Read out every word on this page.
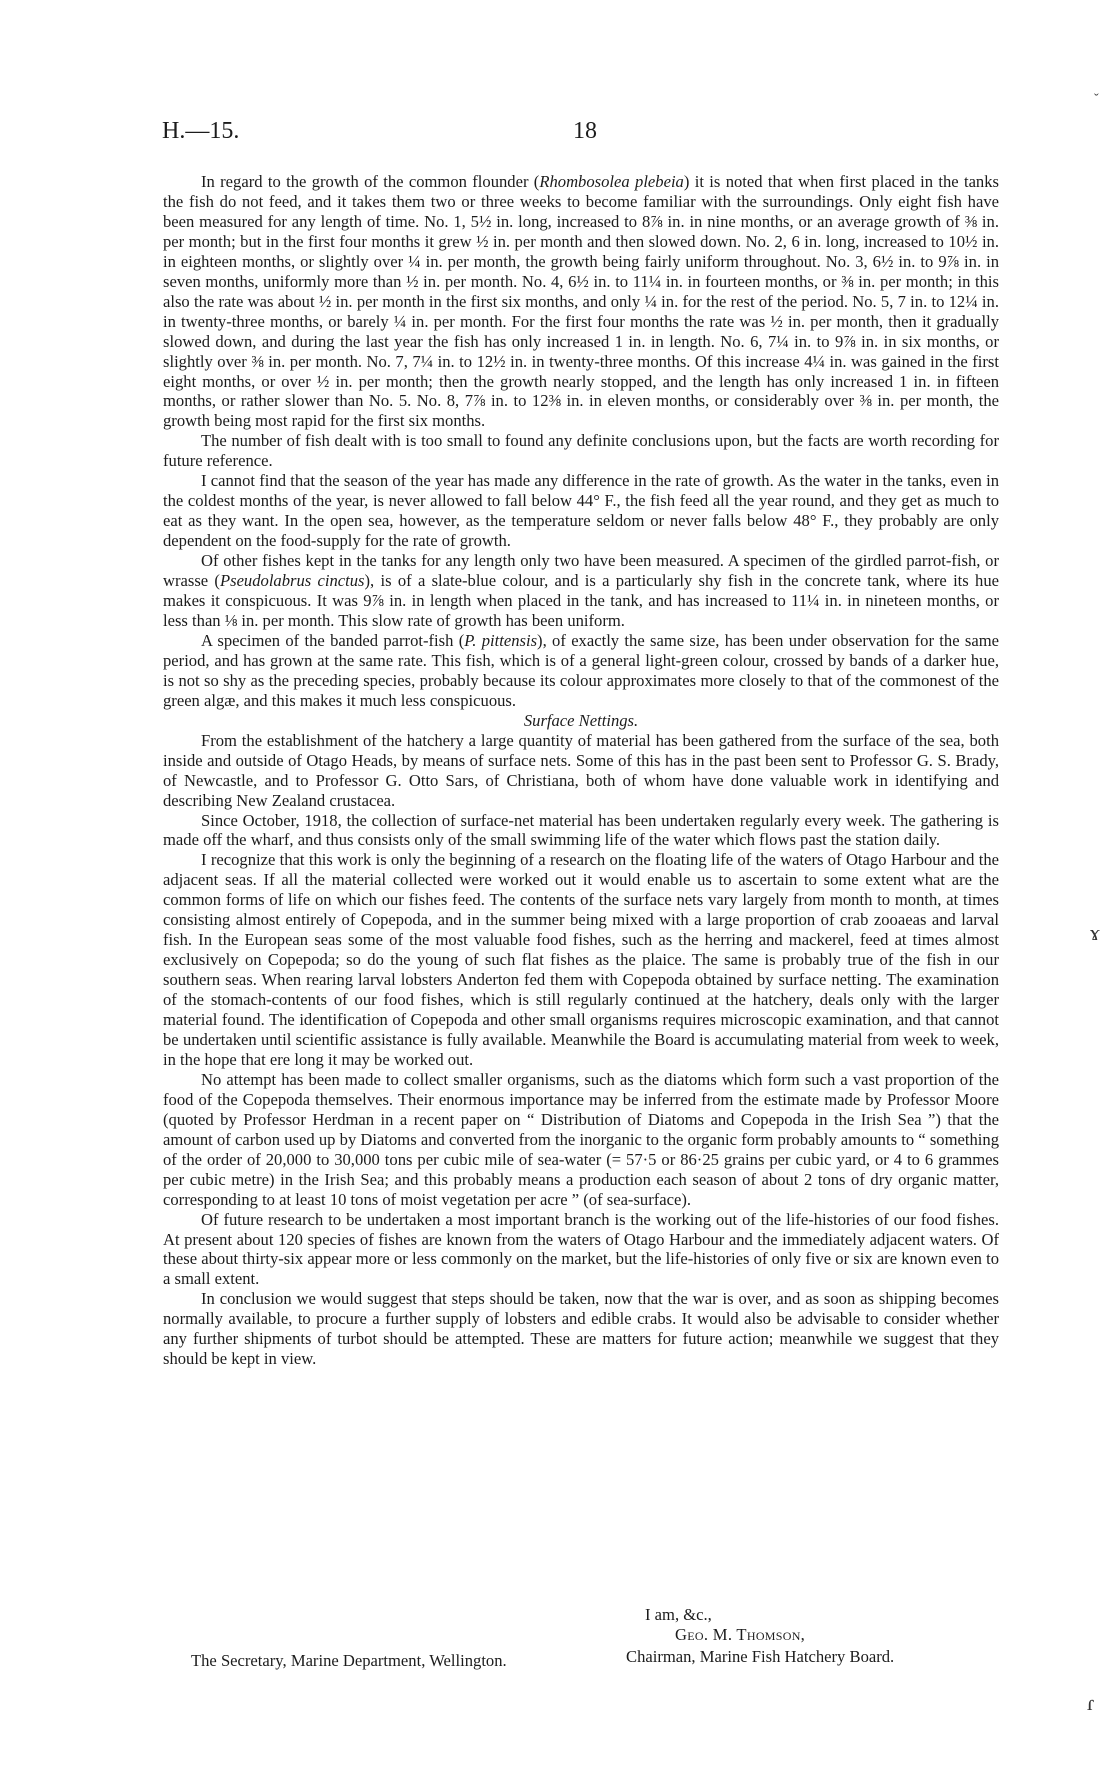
H.—15.	18

In regard to the growth of the common flounder (Rhombosolea plebeia) it is noted that when first placed in the tanks the fish do not feed, and it takes them two or three weeks to become familiar with the surroundings. Only eight fish have been measured for any length of time. No. 1, 5½ in. long, increased to 8⅞ in. in nine months, or an average growth of ⅜ in. per month; but in the first four months it grew ½ in. per month and then slowed down. No. 2, 6 in. long, increased to 10½ in. in eighteen months, or slightly over ¼ in. per month, the growth being fairly uniform throughout. No. 3, 6½ in. to 9⅞ in. in seven months, uniformly more than ½ in. per month. No. 4, 6½ in. to 11¼ in. in fourteen months, or ⅜ in. per month; in this also the rate was about ½ in. per month in the first six months, and only ¼ in. for the rest of the period. No. 5, 7 in. to 12¼ in. in twenty-three months, or barely ¼ in. per month. For the first four months the rate was ½ in. per month, then it gradually slowed down, and during the last year the fish has only increased 1 in. in length. No. 6, 7¼ in. to 9⅞ in. in six months, or slightly over ⅜ in. per month. No. 7, 7¼ in. to 12½ in. in twenty-three months. Of this increase 4¼ in. was gained in the first eight months, or over ½ in. per month; then the growth nearly stopped, and the length has only increased 1 in. in fifteen months, or rather slower than No. 5. No. 8, 7⅞ in. to 12⅜ in. in eleven months, or considerably over ⅜ in. per month, the growth being most rapid for the first six months.

The number of fish dealt with is too small to found any definite conclusions upon, but the facts are worth recording for future reference.

I cannot find that the season of the year has made any difference in the rate of growth. As the water in the tanks, even in the coldest months of the year, is never allowed to fall below 44° F., the fish feed all the year round, and they get as much to eat as they want. In the open sea, however, as the temperature seldom or never falls below 48° F., they probably are only dependent on the food-supply for the rate of growth.

Of other fishes kept in the tanks for any length only two have been measured. A specimen of the girdled parrot-fish, or wrasse (Pseudolabrus cinctus), is of a slate-blue colour, and is a particularly shy fish in the concrete tank, where its hue makes it conspicuous. It was 9⅞ in. in length when placed in the tank, and has increased to 11¼ in. in nineteen months, or less than ⅛ in. per month. This slow rate of growth has been uniform.

A specimen of the banded parrot-fish (P. pittensis), of exactly the same size, has been under observation for the same period, and has grown at the same rate. This fish, which is of a general light-green colour, crossed by bands of a darker hue, is not so shy as the preceding species, probably because its colour approximates more closely to that of the commonest of the green algæ, and this makes it much less conspicuous.

Surface Nettings.

From the establishment of the hatchery a large quantity of material has been gathered from the surface of the sea, both inside and outside of Otago Heads, by means of surface nets. Some of this has in the past been sent to Professor G. S. Brady, of Newcastle, and to Professor G. Otto Sars, of Christiana, both of whom have done valuable work in identifying and describing New Zealand crustacea.

Since October, 1918, the collection of surface-net material has been undertaken regularly every week. The gathering is made off the wharf, and thus consists only of the small swimming life of the water which flows past the station daily.

I recognize that this work is only the beginning of a research on the floating life of the waters of Otago Harbour and the adjacent seas. If all the material collected were worked out it would enable us to ascertain to some extent what are the common forms of life on which our fishes feed. The contents of the surface nets vary largely from month to month, at times consisting almost entirely of Copepoda, and in the summer being mixed with a large proportion of crab zooaeas and larval fish. In the European seas some of the most valuable food fishes, such as the herring and mackerel, feed at times almost exclusively on Copepoda; so do the young of such flat fishes as the plaice. The same is probably true of the fish in our southern seas. When rearing larval lobsters Anderton fed them with Copepoda obtained by surface netting. The examination of the stomach-contents of our food fishes, which is still regularly continued at the hatchery, deals only with the larger material found. The identification of Copepoda and other small organisms requires microscopic examination, and that cannot be undertaken until scientific assistance is fully available. Meanwhile the Board is accumulating material from week to week, in the hope that ere long it may be worked out.

No attempt has been made to collect smaller organisms, such as the diatoms which form such a vast proportion of the food of the Copepoda themselves. Their enormous importance may be inferred from the estimate made by Professor Moore (quoted by Professor Herdman in a recent paper on “ Distribution of Diatoms and Copepoda in the Irish Sea ”) that the amount of carbon used up by Diatoms and converted from the inorganic to the organic form probably amounts to “ something of the order of 20,000 to 30,000 tons per cubic mile of sea-water (= 57·5 or 86·25 grains per cubic yard, or 4 to 6 grammes per cubic metre) in the Irish Sea; and this probably means a production each season of about 2 tons of dry organic matter, corresponding to at least 10 tons of moist vegetation per acre ” (of sea-surface).

Of future research to be undertaken a most important branch is the working out of the life-histories of our food fishes. At present about 120 species of fishes are known from the waters of Otago Harbour and the immediately adjacent waters. Of these about thirty-six appear more or less commonly on the market, but the life-histories of only five or six are known even to a small extent.

In conclusion we would suggest that steps should be taken, now that the war is over, and as soon as shipping becomes normally available, to procure a further supply of lobsters and edible crabs. It would also be advisable to consider whether any further shipments of turbot should be attempted. These are matters for future action; meanwhile we suggest that they should be kept in view.

I am, &c.,
Geo. M. Thomson,
Chairman, Marine Fish Hatchery Board.
The Secretary, Marine Department, Wellington.
ˇ
ɤ
ɾ
